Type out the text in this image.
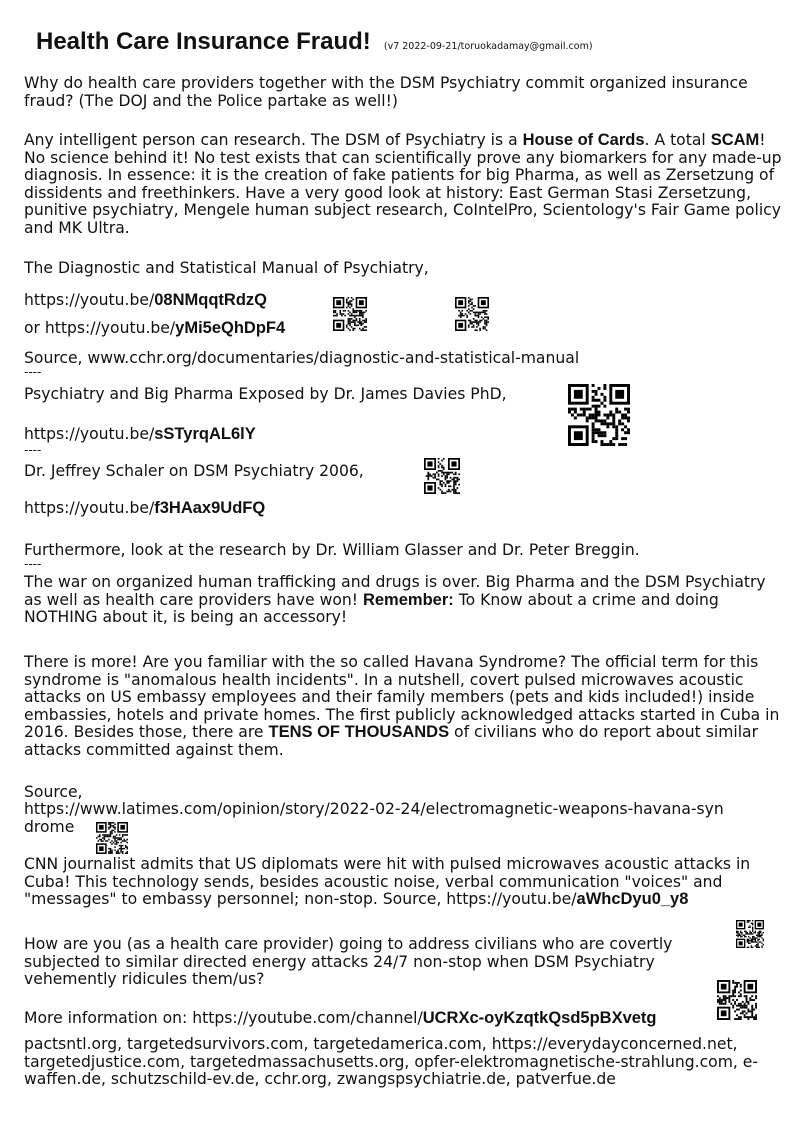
Health Care Insurance Fraud! (v7 2022-09-21/toruokadamay@gmail.com)

Why do health care providers together with the DSM Psychiatry commit organized insurance fraud? (The DOJ and the Police partake as well!)

Any intelligent person can research. The DSM of Psychiatry is a House of Cards. A total SCAM! No science behind it! No test exists that can scientifically prove any biomarkers for any made-up diagnosis. In essence: it is the creation of fake patients for big Pharma, as well as Zersetzung of dissidents and freethinkers. Have a very good look at history: East German Stasi Zersetzung, punitive psychiatry, Mengele human subject research, CoIntelPro, Scientology's Fair Game policy and MK Ultra.

The Diagnostic and Statistical Manual of Psychiatry,

https://youtu.be/08NMqqtRdzQ

or https://youtu.be/yMi5eQhDpF4

Source, www.cchr.org/documentaries/diagnostic-and-statistical-manual

----

Psychiatry and Big Pharma Exposed by Dr. James Davies PhD,

https://youtu.be/sSTyrqAL6lY

----

Dr. Jeffrey Schaler on DSM Psychiatry 2006,

https://youtu.be/f3HAax9UdFQ

Furthermore, look at the research by Dr. William Glasser and Dr. Peter Breggin.

----

The war on organized human trafficking and drugs is over. Big Pharma and the DSM Psychiatry as well as health care providers have won! Remember: To Know about a crime and doing NOTHING about it, is being an accessory!

There is more! Are you familiar with the so called Havana Syndrome? The official term for this syndrome is "anomalous health incidents". In a nutshell, covert pulsed microwaves acoustic attacks on US embassy employees and their family members (pets and kids included!) inside embassies, hotels and private homes. The first publicly acknowledged attacks started in Cuba in 2016. Besides those, there are TENS OF THOUSANDS of civilians who do report about similar attacks committed against them.

Source,

https://www.latimes.com/opinion/story/2022-02-24/electromagnetic-weapons-havana-syn

drome

CNN journalist admits that US diplomats were hit with pulsed microwaves acoustic attacks in Cuba! This technology sends, besides acoustic noise, verbal communication "voices" and "messages" to embassy personnel; non-stop. Source, https://youtu.be/aWhcDyu0_y8

How are you (as a health care provider) going to address civilians who are covertly subjected to similar directed energy attacks 24/7 non-stop when DSM Psychiatry vehemently ridicules them/us?

More information on: https://youtube.com/channel/UCRXc-oyKzqtkQsd5pBXvetg

pactsntl.org, targetedsurvivors.com, targetedamerica.com, https://everydayconcerned.net, targetedjustice.com, targetedmassachusetts.org, opfer-elektromagnetische-strahlung.com, e-waffen.de, schutzschild-ev.de, cchr.org, zwangspsychiatrie.de, patverfue.de
